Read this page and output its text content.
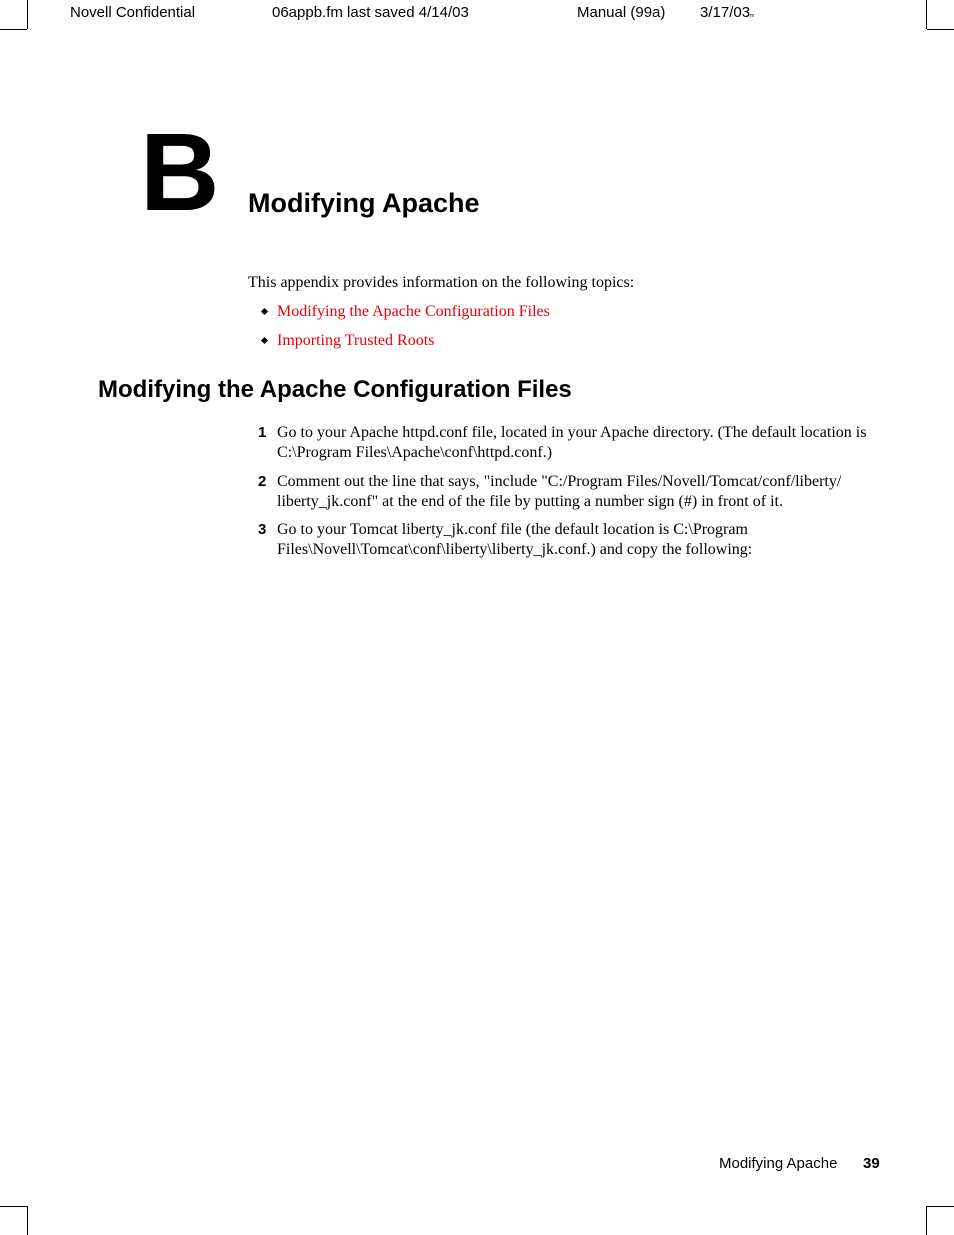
Novell Confidential	06appb.fm last saved 4/14/03	Manual (99a) 3/17/03m
B Modifying Apache
This appendix provides information on the following topics:
Modifying the Apache Configuration Files
Importing Trusted Roots
Modifying the Apache Configuration Files
1 Go to your Apache httpd.conf file, located in your Apache directory. (The default location is
C:\Program Files\Apache\conf\httpd.conf.)
2 Comment out the line that says, "include "C:/Program Files/Novell/Tomcat/conf/liberty/
liberty_jk.conf" at the end of the file by putting a number sign (#) in front of it.
3 Go to your Tomcat liberty_jk.conf file (the default location is C:\Program
Files\Novell\Tomcat\conf\liberty\liberty_jk.conf.) and copy the following:
Modifying Apache 39
